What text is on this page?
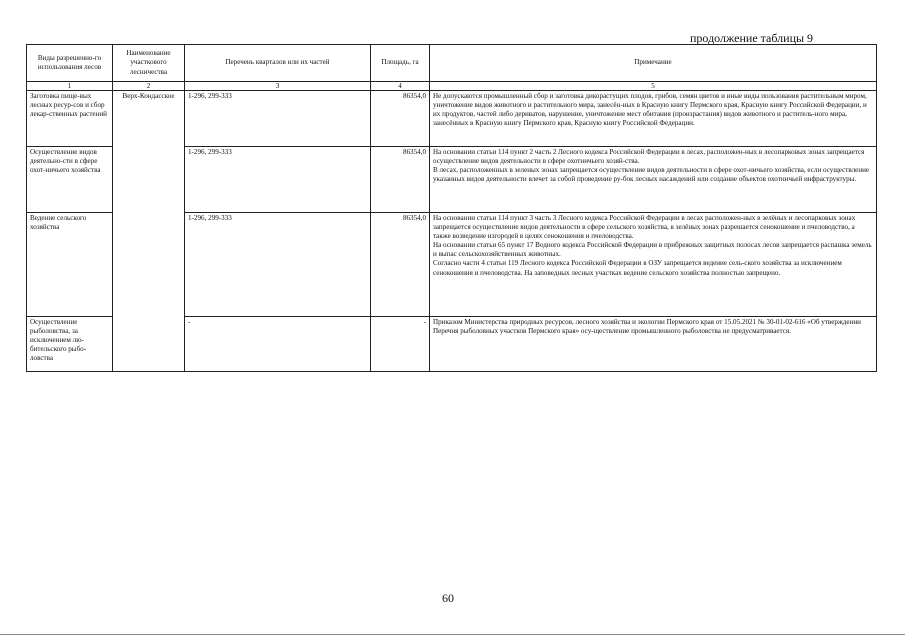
продолжение таблицы 9
Виды разрешенно-го использования лесов	Наименование участкового лесничества	Перечень кварталов или их частей	Площадь, га	Примечание
1	2	3	4	5
Заготовка пище-вых лесных ресур-сов и сбор лекар-ственных растений	Верх-Кондасское	1-296, 299-333	86354,0	Не допускаются промышленный сбор и заготовка дикорастущих плодов, грибов, семян цветов и иные виды пользования растительным миром, уничтожение видов животного и растительного мира, занесён-ных в Красную книгу Пермского края, Красную книгу Российской Федерации, и их продуктов, частей либо дериватов, нарушение, уничтожение мест обитания (произрастания) видов животного и раститель-ного мира, занесённых в Красную книгу Пермского края, Красную книгу Российской Федерации.

Осуществление видов деятельно-сти в сфере охот-ничьего хозяйства		1-296, 299-333	86354,0	На основании статьи 114 пункт 2 часть 2 Лесного кодекса Российской Федерации в лесах, расположен-ных в лесопарковых зонах запрещается осуществление видов деятельности в сфере охотничьего хозяй-ства.

В лесах, расположенных в зеленых зонах запрещается осуществление видов деятельности в сфере охот-ничьего хозяйства, если осуществление указанных видов деятельности влечет за собой проведение ру-бок лесных насаждений или создание объектов охотничьей инфраструктуры.

Ведение сельского хозяйства		1-296, 299-333	86354,0	На основании статьи 114 пункт 3 часть 3 Лесного кодекса Российской Федерации в лесах расположен-ных в зелёных и лесопарковых зонах запрещается осуществление видов деятельности в сфере сельского хозяйства, в зелёных зонах разрешается сенокошение и пчеловодство, а также возведение изгородей в целях сенокошения и пчеловодства.

На основании статьи 65 пункт 17 Водного кодекса Российской Федерации в прибрежных защитных полосах лесов запрещается распашка земель и выпас сельскохозяйственных животных.

Согласно части 4 статьи 119 Лесного кодекса Российской Федерации в ОЗУ запрещается ведение сель-ского хозяйства за исключением сенокошения и пчеловодства. На заповедных лесных участках ведение сельского хозяйства полностью запрещено.

Осуществление рыболовства, за исключением лю-бительского рыбо-ловства		-	-	Приказом Министерства природных ресурсов, лесного хозяйства и экологии Пермского края от 15.05.2021 № 30-01-02-616 «Об утверждении Перечня рыболовных участков Пермского края» осу-ществление промышленного рыболовства не предусматривается.

60
